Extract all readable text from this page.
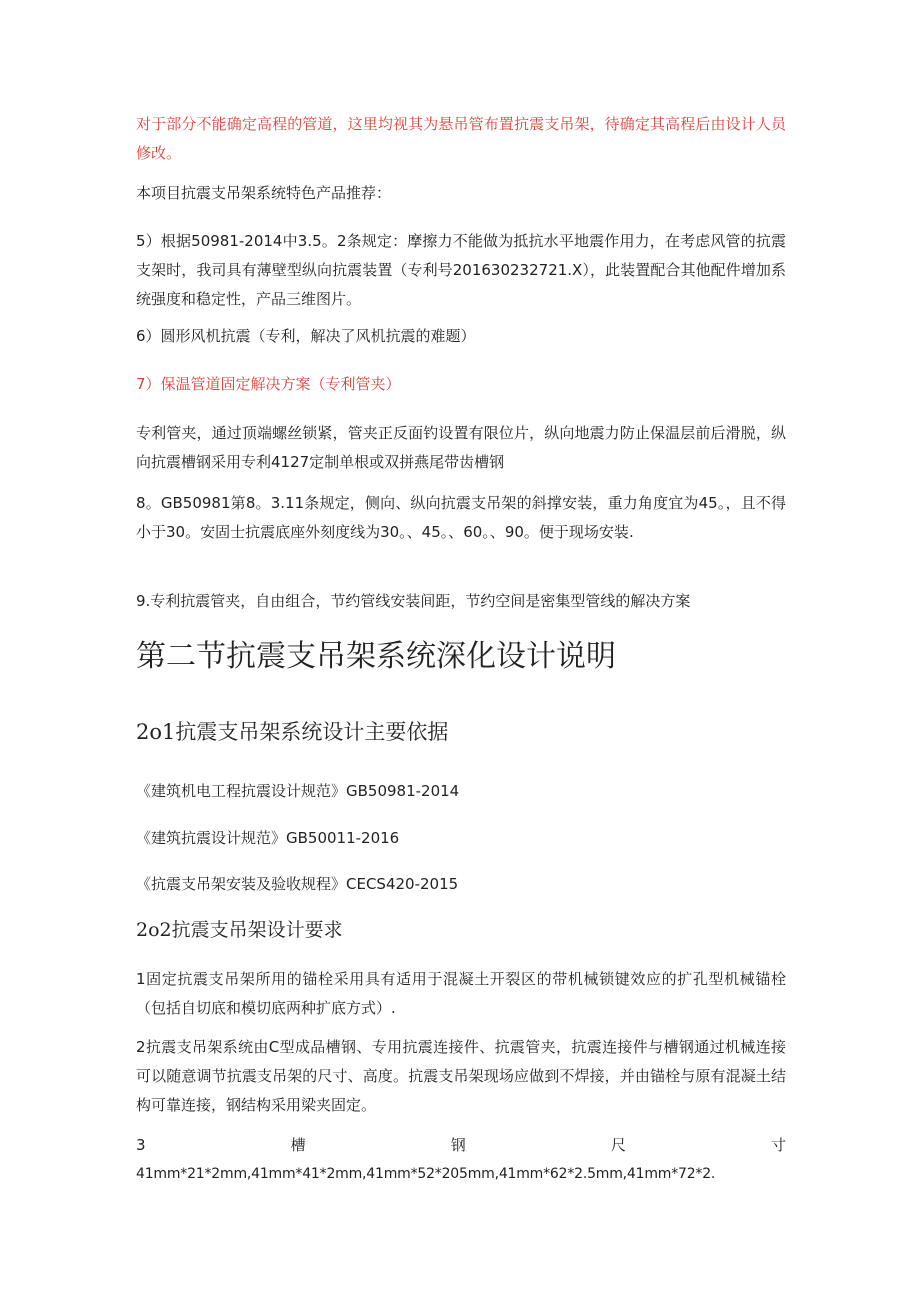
对于部分不能确定高程的管道，这里均视其为悬吊管布置抗震支吊架，待确定其高程后由设计人员修改。

本项目抗震支吊架系统特色产品推荐：

5）根据50981-2014中3.5。2条规定：摩擦力不能做为抵抗水平地震作用力，在考虑风管的抗震支架时，我司具有薄壁型纵向抗震装置（专利号201630232721.X），此装置配合其他配件增加系统强度和稳定性，产品三维图片。

6）圆形风机抗震（专利，解决了风机抗震的难题）

7）保温管道固定解决方案（专利管夹）

专利管夹，通过顶端螺丝锁紧，管夹正反面钓设置有限位片，纵向地震力防止保温层前后滑脱，纵向抗震槽钢采用专利4127定制单根或双拼燕尾带齿槽钢

8。GB50981第8。3.11条规定，侧向、纵向抗震支吊架的斜撑安装，重力角度宜为45。，且不得小于30。安固士抗震底座外刻度线为30。、45。、60。、90。便于现场安装.

9.专利抗震管夹，自由组合，节约管线安装间距，节约空间是密集型管线的解决方案

第二节抗震支吊架系统深化设计说明
2o1抗震支吊架系统设计主要依据

《建筑机电工程抗震设计规范》GB50981-2014

《建筑抗震设计规范》GB50011-2016

《抗震支吊架安装及验收规程》CECS420-2015

2o2抗震支吊架设计要求

1固定抗震支吊架所用的锚栓采用具有适用于混凝土开裂区的带机械锁键效应的扩孔型机械锚栓（包括自切底和模切底两种扩底方式）.

2抗震支吊架系统由C型成品槽钢、专用抗震连接件、抗震管夹，抗震连接件与槽钢通过机械连接可以随意调节抗震支吊架的尺寸、高度。抗震支吊架现场应做到不焊接，并由锚栓与原有混凝土结构可靠连接，钢结构采用梁夹固定。

3	槽	钢	尺	寸
41mm*21*2mm,41mm*41*2mm,41mm*52*205mm,41mm*62*2.5mm,41mm*72*2.
